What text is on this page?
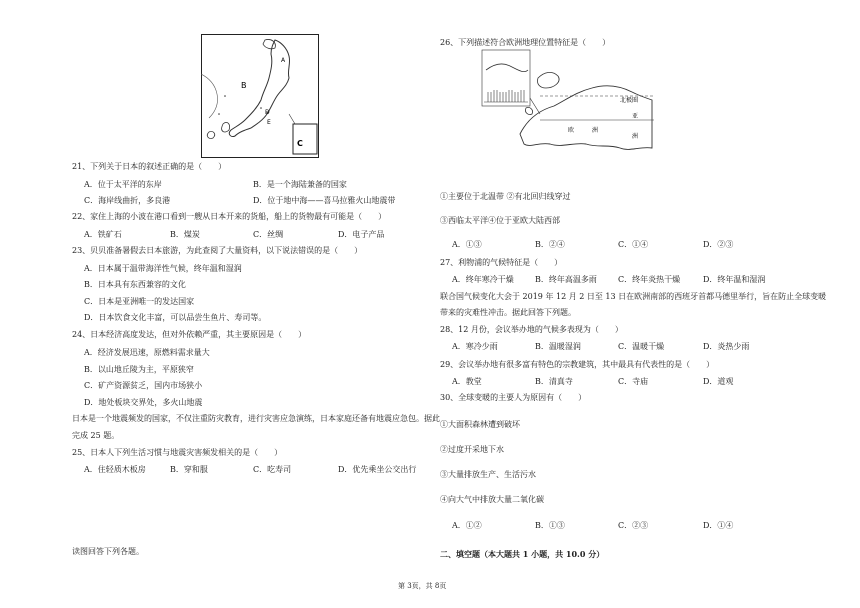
A
B
C
D
E
21、下列关于日本的叙述正确的是（　　）
A．位于太平洋的东岸	B．是一个海陆兼备的国家
C．海岸线曲折，多良港	D．位于地中海——喜马拉雅火山地震带
22、家住上海的小波在港口看到一艘从日本开来的货船，船上的货物最有可能是（　　）
A．铁矿石	B．煤炭	C．丝绸	D．电子产品
23、贝贝准备暑假去日本旅游，为此查阅了大量资料，以下说法错误的是（　　）
A．日本属于温带海洋性气候，终年温和湿润
B．日本具有东西兼容的文化
C．日本是亚洲唯一的发达国家
D．日本饮食文化丰富，可以品尝生鱼片、寿司等。
24、日本经济高度发达，但对外依赖严重，其主要原因是（　　）
A．经济发展迅速，原燃料需求量大
B．以山地丘陵为主，平原狭窄
C．矿产资源贫乏，国内市场狭小
D．地处板块交界处，多火山地震
日本是一个地震频发的国家，不仅注重防灾教育，进行灾害应急演练，日本家庭还备有地震应急包。据此
完成 25 题。
25、日本人下列生活习惯与地震灾害频发相关的是（　　）
A．住轻质木板房	B．穿和服	C．吃寿司	D．优先乘坐公交出行
读图回答下列各题。
26、下列描述符合欧洲地理位置特征是（　　）
北极圈
亚
洲
欧	洲
①主要位于北温带 ②有北回归线穿过
③西临太平洋④位于亚欧大陆西部
A．①③	B．②④	C．①④	D．②③
27、利物浦的气候特征是（　　）
A．终年寒冷干燥	B．终年高温多雨	C．终年炎热干燥	D．终年温和湿润
联合国气候变化大会于 2019 年 12 月 2 日至 13 日在欧洲南部的西班牙首都马德里举行，旨在防止全球变暖
带来的灾难性冲击。据此回答下列题。
28、12 月份，会议举办地的气候多表现为（　　）
A．寒冷少雨	B．温暖湿润	C．温暖干燥	D．炎热少雨
29、会议举办地有很多富有特色的宗教建筑，其中最具有代表性的是（　　）
A．教堂	B．清真寺	C．寺庙	D．道观
30、全球变暖的主要人为原因有（　　）
①大面积森林遭到破坏
②过度开采地下水
③大量排放生产、生活污水
④向大气中排放大量二氧化碳
A．①②	B．①③	C．②③	D．①④
二、填空题（本大题共 1 小题，共 10.0 分）
第 3页，共 8页
